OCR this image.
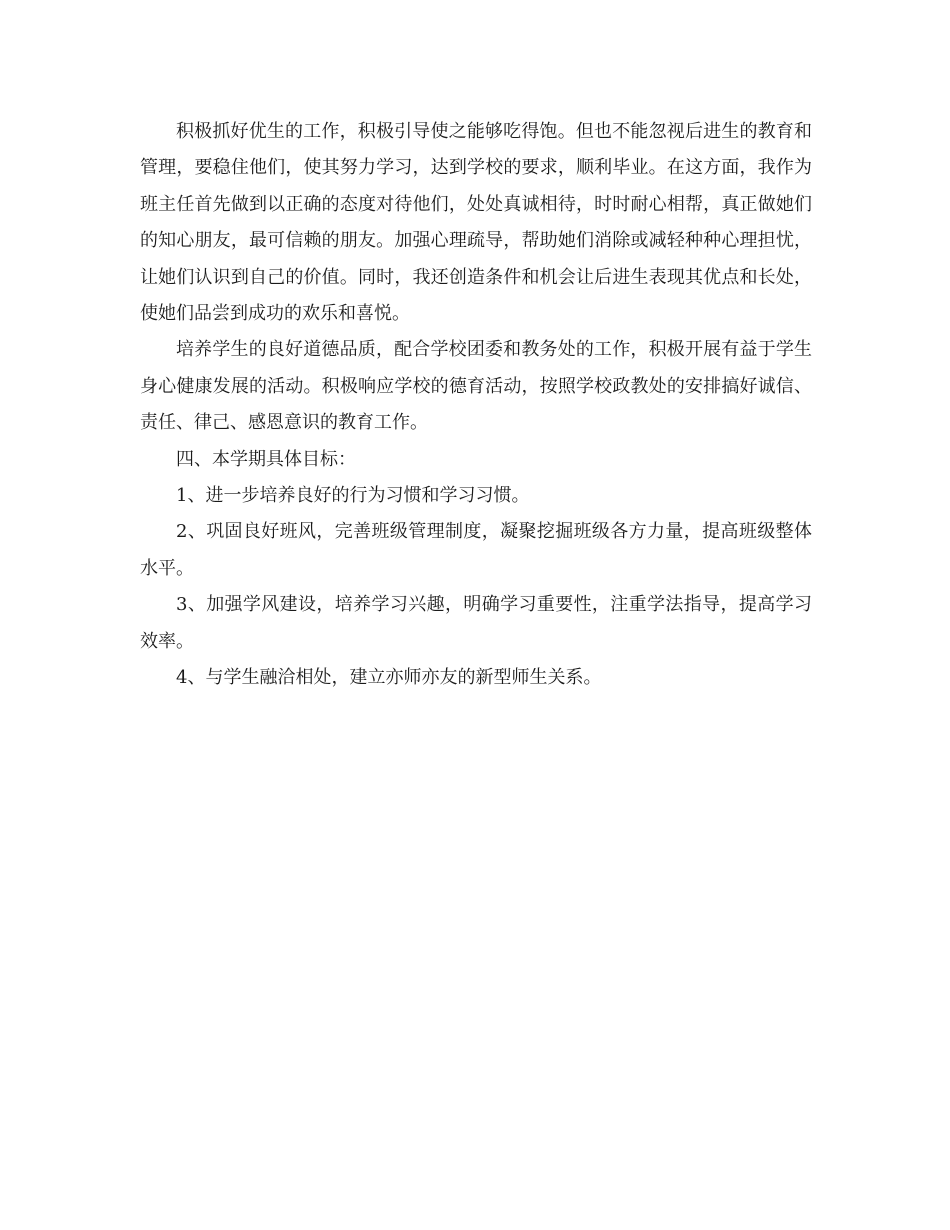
积极抓好优生的工作，积极引导使之能够吃得饱。但也不能忽视后进生的教育和管理，要稳住他们，使其努力学习，达到学校的要求，顺利毕业。在这方面，我作为班主任首先做到以正确的态度对待他们，处处真诚相待，时时耐心相帮，真正做她们的知心朋友，最可信赖的朋友。加强心理疏导，帮助她们消除或减轻种种心理担忧，让她们认识到自己的价值。同时，我还创造条件和机会让后进生表现其优点和长处，使她们品尝到成功的欢乐和喜悦。

培养学生的良好道德品质，配合学校团委和教务处的工作，积极开展有益于学生身心健康发展的活动。积极响应学校的德育活动，按照学校政教处的安排搞好诚信、责任、律己、感恩意识的教育工作。

四、本学期具体目标：

1、进一步培养良好的行为习惯和学习习惯。

2、巩固良好班风，完善班级管理制度，凝聚挖掘班级各方力量，提高班级整体水平。

3、加强学风建设，培养学习兴趣，明确学习重要性，注重学法指导，提高学习效率。

4、与学生融洽相处，建立亦师亦友的新型师生关系。
